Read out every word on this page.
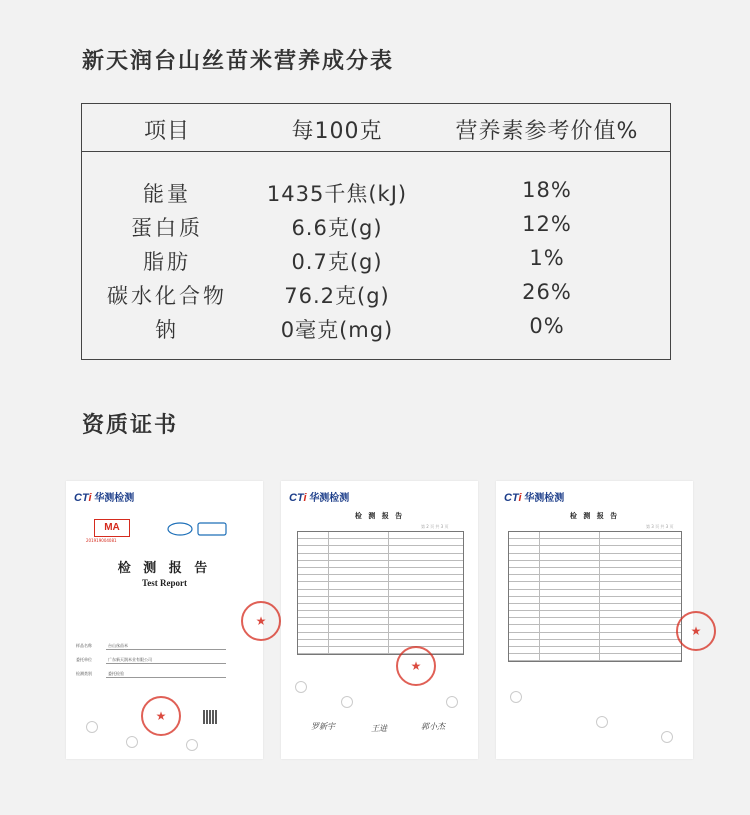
新天润台山丝苗米营养成分表
项目	每100克	营养素参考价值%
能量	1435千焦(kJ)	18%
蛋白质	6.6克(g)	12%
脂肪	0.7克(g)	1%
碳水化合物	76.2克(g)	26%
钠	0毫克(mg)	0%
资质证书
CTi 华测检测
MA
201919004081
检 测 报 告
Test Report
样品名称	台山丝苗米
委托单位	广东新天润米业有限公司
检测类别	委托检验
★
★
CTi 华测检测
检 测 报 告
第 2 页 共 3 页
★
罗新宇	王进	郭小杰
CTi 华测检测
检 测 报 告
第 3 页 共 3 页
★
